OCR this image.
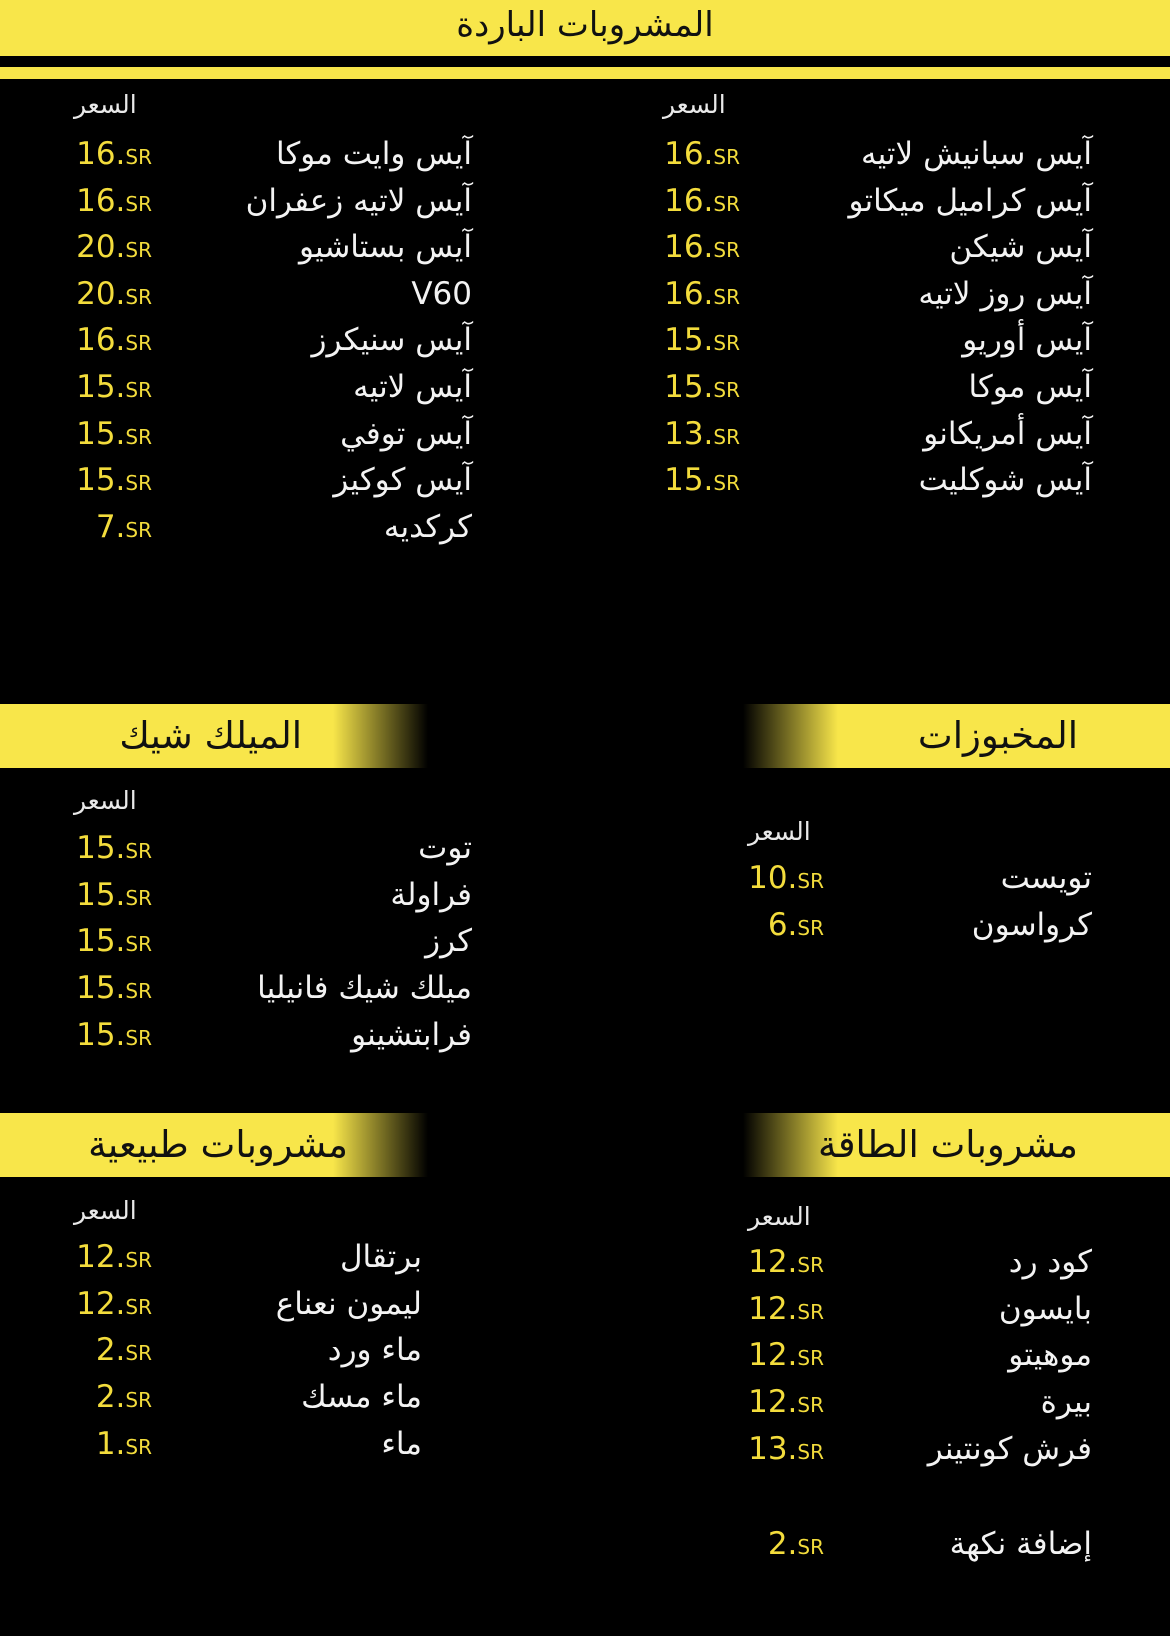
المشروبات الباردة
السعر
السعر
آيس سبانيش لاتيه
16.SR
آيس كراميل ميكاتو
16.SR
آيس شيكن
16.SR
آيس روز لاتيه
16.SR
آيس أوريو
15.SR
آيس موكا
15.SR
آيس أمريكانو
13.SR
آيس شوكليت
15.SR
آيس وايت موكا
16.SR
آيس لاتيه زعفران
16.SR
آيس بستاشيو
20.SR
V60
20.SR
آيس سنيكرز
16.SR
آيس لاتيه
15.SR
آيس توفي
15.SR
آيس كوكيز
15.SR
كركديه
7.SR
المخبوزات
الميلك شيك
السعر
السعر
تويست
10.SR
كرواسون
6.SR
توت
15.SR
فراولة
15.SR
كرز
15.SR
ميلك شيك فانيليا
15.SR
فرابتشينو
15.SR
مشروبات الطاقة
مشروبات طبيعية
السعر
السعر
كود رد
12.SR
بايسون
12.SR
موهيتو
12.SR
بيرة
12.SR
فرش كونتينر
13.SR
إضافة نكهة
2.SR
برتقال
12.SR
ليمون نعناع
12.SR
ماء ورد
2.SR
ماء مسك
2.SR
ماء
1.SR
